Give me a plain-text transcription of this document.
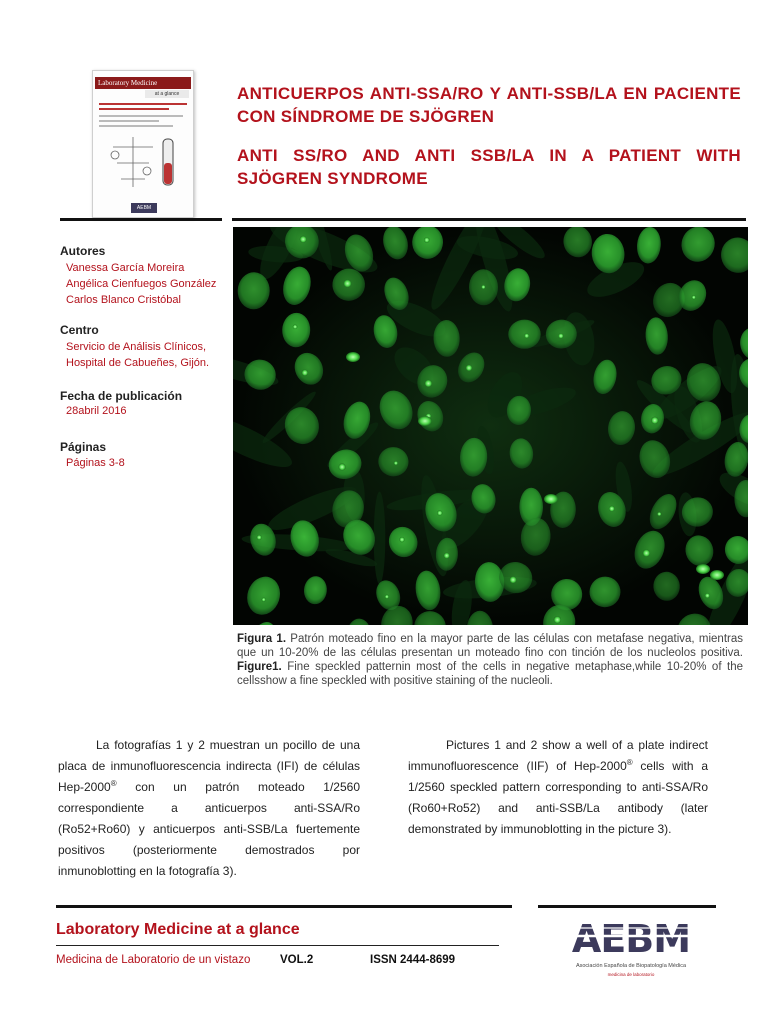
Laboratory Medicine
at a glance
AEBM
ANTICUERPOS ANTI-SSA/RO Y ANTI-SSB/LA EN PACIENTE CON SÍNDROME DE SJÖGREN
ANTI SS/RO AND ANTI SSB/LA IN A PATIENT WITH SJÖGREN SYNDROME
Autores
Vanessa García Moreira
Angélica Cienfuegos González
Carlos Blanco Cristóbal
Centro
Servicio de Análisis Clínicos,
Hospital de Cabueñes, Gijón.
Fecha de publicación
28abril 2016
Páginas
Páginas 3-8
Figura 1. Patrón moteado fino en la mayor parte de las células con metafase negativa, mientras que un 10-20% de las células presentan un moteado fino con tinción de los nucleolos positiva. Figure1. Fine speckled patternin most of the cells in negative metaphase,while 10-20% of the cellsshow a fine speckled with positive staining of the nucleoli.

La fotografías 1 y 2 muestran un pocillo de una placa de inmunofluorescencia indirecta (IFI) de células Hep-2000® con un patrón moteado 1/2560 correspondiente a anticuerpos anti-SSA/Ro (Ro52+Ro60) y anticuerpos anti-SSB/La fuertemente positivos (posteriormente demostrados por inmunoblotting en la fotografía 3).

Pictures 1 and 2 show a well of a plate indirect immunofluorescence (IIF) of Hep-2000® cells with a 1/2560 speckled pattern corresponding to anti-SSA/Ro (Ro60+Ro52) and anti-SSB/La antibody (later demonstrated by immunoblotting in the picture 3).

Laboratory Medicine at a glance
Medicina de Laboratorio de un vistazo	VOL.2	ISSN 2444-8699	AEBM
Asociación Española de Biopatología Médica
medicina de laboratorio
